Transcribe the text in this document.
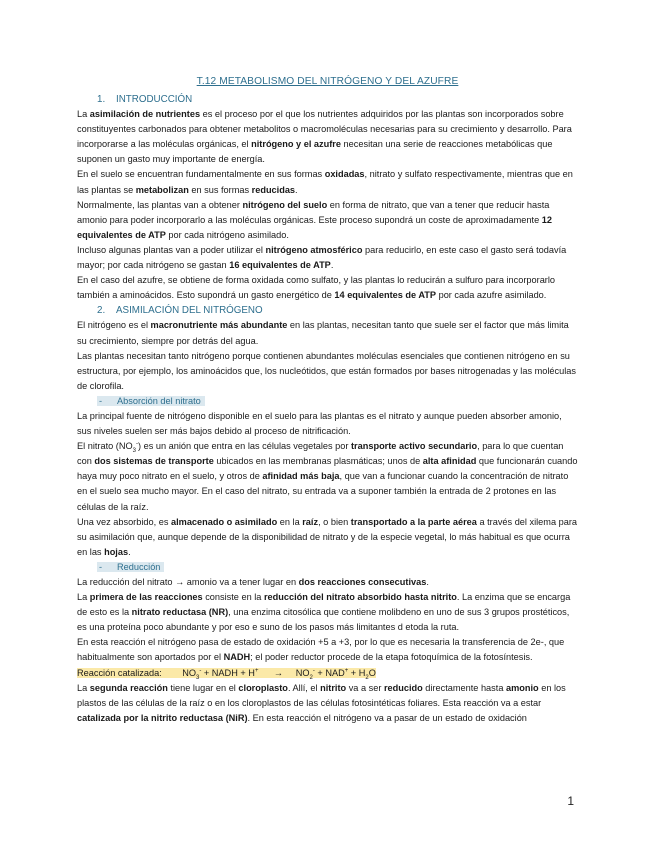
T.12 METABOLISMO DEL NITRÓGENO Y DEL AZUFRE

1. INTRODUCCIÓN

La asimilación de nutrientes es el proceso por el que los nutrientes adquiridos por las plantas son incorporados sobre constituyentes carbonados para obtener metabolitos o macromoléculas necesarias para su crecimiento y desarrollo. Para incorporarse a las moléculas orgánicas, el nitrógeno y el azufre necesitan una serie de reacciones metabólicas que suponen un gasto muy importante de energía.

En el suelo se encuentran fundamentalmente en sus formas oxidadas, nitrato y sulfato respectivamente, mientras que en las plantas se metabolizan en sus formas reducidas.

Normalmente, las plantas van a obtener nitrógeno del suelo en forma de nitrato, que van a tener que reducir hasta amonio para poder incorporarlo a las moléculas orgánicas. Este proceso supondrá un coste de aproximadamente 12 equivalentes de ATP por cada nitrógeno asimilado.

Incluso algunas plantas van a poder utilizar el nitrógeno atmosférico para reducirlo, en este caso el gasto será todavía mayor; por cada nitrógeno se gastan 16 equivalentes de ATP.

En el caso del azufre, se obtiene de forma oxidada como sulfato, y las plantas lo reducirán a sulfuro para incorporarlo también a aminoácidos. Esto supondrá un gasto energético de 14 equivalentes de ATP por cada azufre asimilado.

2. ASIMILACIÓN DEL NITRÓGENO

El nitrógeno es el macronutriente más abundante en las plantas, necesitan tanto que suele ser el factor que más limita su crecimiento, siempre por detrás del agua.

Las plantas necesitan tanto nitrógeno porque contienen abundantes moléculas esenciales que contienen nitrógeno en su estructura, por ejemplo, los aminoácidos que, los nucleótidos, que están formados por bases nitrogenadas y las moléculas de clorofila.

- Absorción del nitrato

La principal fuente de nitrógeno disponible en el suelo para las plantas es el nitrato y aunque pueden absorber amonio, sus niveles suelen ser más bajos debido al proceso de nitrificación.

El nitrato $(NO_3^-)$ es un anión que entra en las células vegetales por transporte activo secundario, para lo que cuentan con dos sistemas de transporte ubicados en las membranas plasmáticas; unos de alta afinidad que funcionarán cuando haya muy poco nitrato en el suelo, y otros de afinidad más baja, que van a funcionar cuando la concentración de nitrato en el suelo sea mucho mayor. En el caso del nitrato, su entrada va a suponer también la entrada de 2 protones en las células de la raíz.

Una vez absorbido, es almacenado o asimilado en la raíz, o bien transportado a la parte aérea a través del xilema para su asimilación que, aunque depende de la disponibilidad de nitrato y de la especie vegetal, lo más habitual es que ocurra en las hojas.

- Reducción

La reducción del nitrato → amonio va a tener lugar en dos reacciones consecutivas.

La primera de las reacciones consiste en la reducción del nitrato absorbido hasta nitrito. La enzima que se encarga de esto es la nitrato reductasa (NR), una enzima citosólica que contiene molibdeno en uno de sus 3 grupos prostéticos, es una proteína poco abundante y por eso e suno de los pasos más limitantes d etoda la ruta.

En esta reacción el nitrógeno pasa de estado de oxidación +5 a +3, por lo que es necesaria la transferencia de 2e-, que habitualmente son aportados por el NADH; el poder reductor procede de la etapa fotoquímica de la fotosíntesis.

Reacción catalizada: $NO_3^-$ + NADH + $H^+ \to NO_2^- + NAD^+ + H_2O$

La segunda reacción tiene lugar en el cloroplasto. Allí, el nitrito va a ser reducido directamente hasta amonio en los plastos de las células de la raíz o en los cloroplastos de las células fotosintéticas foliares. Esta reacción va a estar catalizada por la nitrito reductasa (NiR). En esta reacción el nitrógeno va a pasar de un estado de oxidación

1
